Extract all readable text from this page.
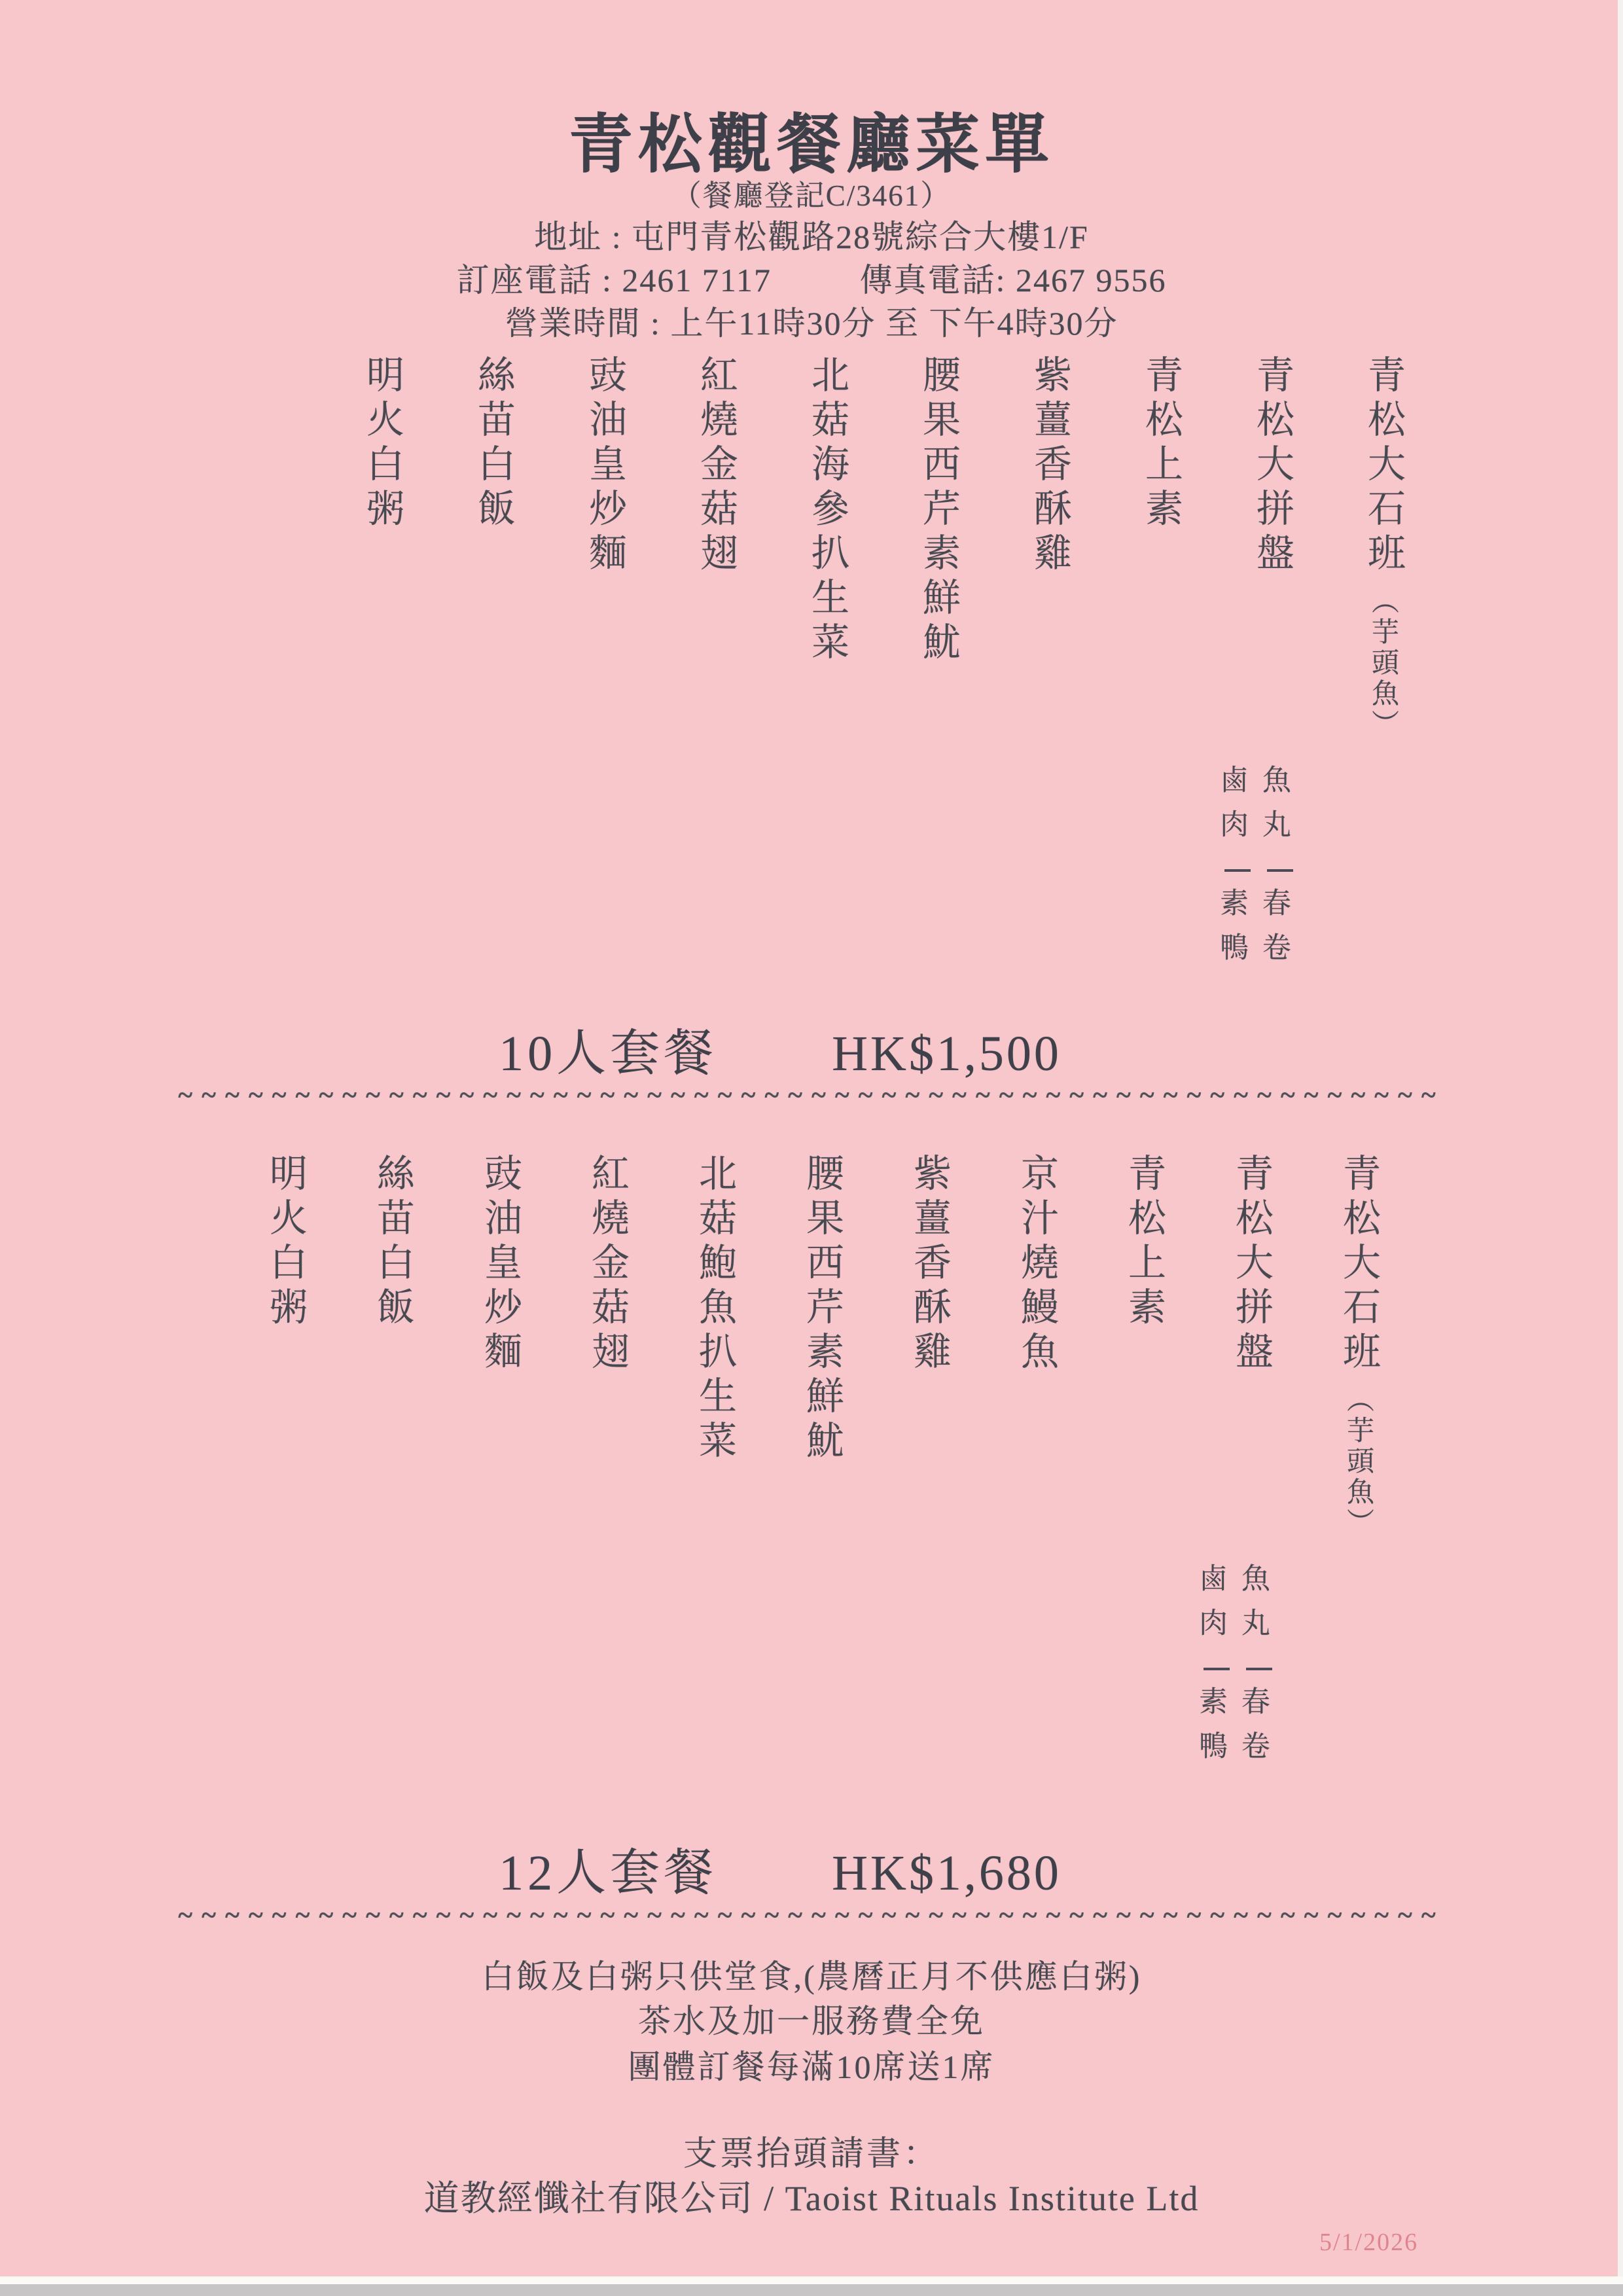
青松觀餐廳菜單
（餐廳登記C/3461）
地址 : 屯門青松觀路28號綜合大樓1/F
訂座電話 : 2461 7117	傳真電話: 2467 9556
營業時間 : 上午11時30分 至 下午4時30分
青松大石班（芋頭魚）
青松大拼盤
魚丸春卷
鹵肉素鴨
青松上素
紫薑香酥雞
腰果西芹素鮮魷
北菇海參扒生菜
紅燒金菇翅
豉油皇炒麵
絲苗白飯
明火白粥
10人套餐 HK$1,500
~~~~~~~~~~~~~~~~~~~~~~~~~~~~~~~~~~~~~~~~~~~~~~~~~~~~~~
青松大石班（芋頭魚）
青松大拼盤
魚丸春卷
鹵肉素鴨
青松上素
京汁燒鰻魚
紫薑香酥雞
腰果西芹素鮮魷
北菇鮑魚扒生菜
紅燒金菇翅
豉油皇炒麵
絲苗白飯
明火白粥
12人套餐 HK$1,680
~~~~~~~~~~~~~~~~~~~~~~~~~~~~~~~~~~~~~~~~~~~~~~~~~~~~~~
白飯及白粥只供堂食,(農曆正月不供應白粥)
茶水及加一服務費全免
團體訂餐每滿10席送1席
支票抬頭請書：
道教經懺社有限公司 / Taoist Rituals Institute Ltd
5/1/2026
